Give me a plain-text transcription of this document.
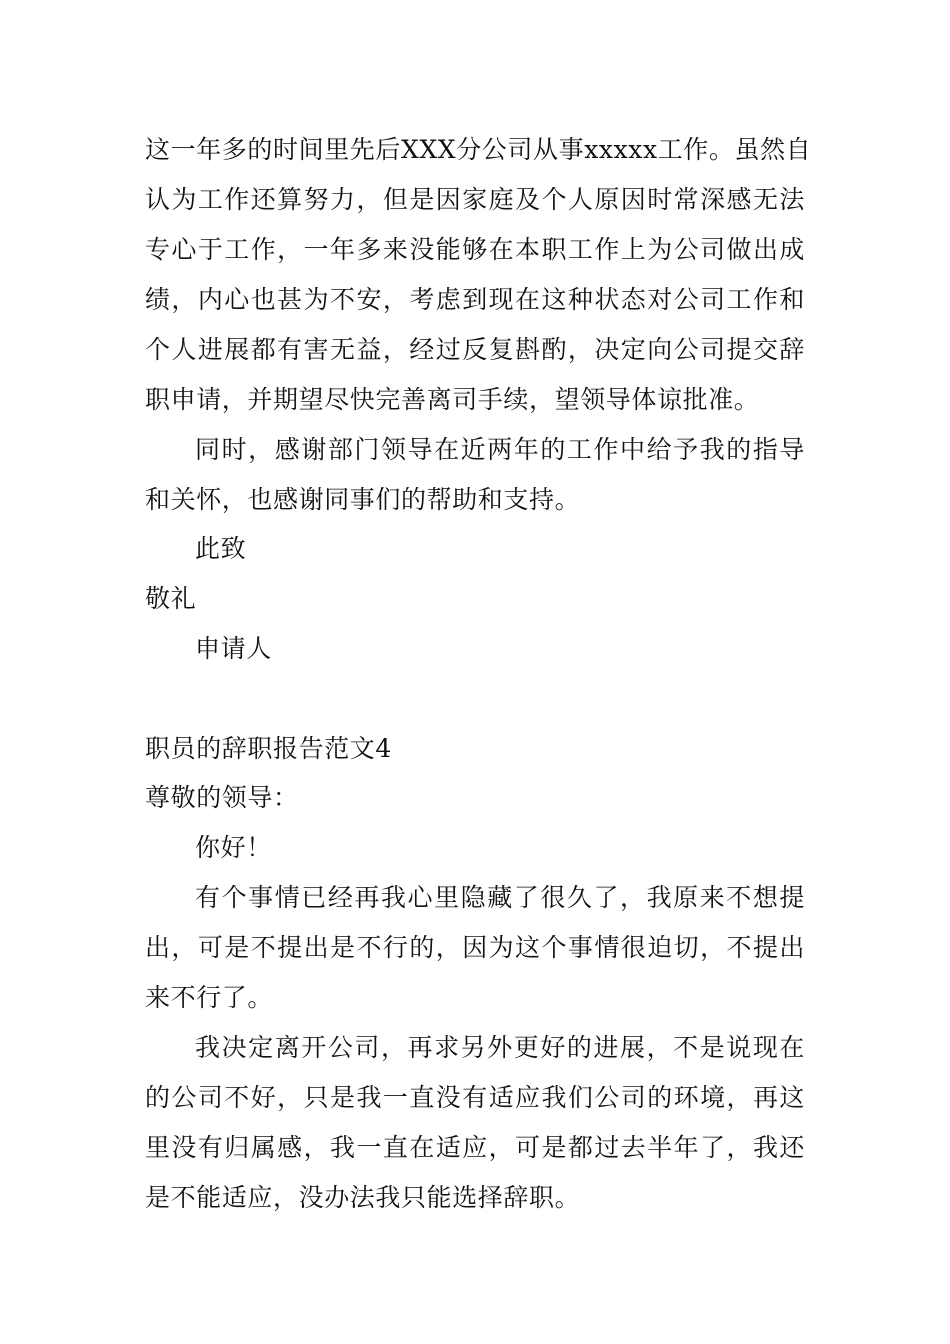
这一年多的时间里先后XXX分公司从事xxxxx工作。虽然自
认为工作还算努力，但是因家庭及个人原因时常深感无法
专心于工作，一年多来没能够在本职工作上为公司做出成
绩，内心也甚为不安，考虑到现在这种状态对公司工作和
个人进展都有害无益，经过反复斟酌，决定向公司提交辞
职申请，并期望尽快完善离司手续，望领导体谅批准。
同时，感谢部门领导在近两年的工作中给予我的指导
和关怀，也感谢同事们的帮助和支持。
此致
敬礼
申请人
职员的辞职报告范文4
尊敬的领导：
你好！
有个事情已经再我心里隐藏了很久了，我原来不想提
出，可是不提出是不行的，因为这个事情很迫切，不提出
来不行了。
我决定离开公司，再求另外更好的进展，不是说现在
的公司不好，只是我一直没有适应我们公司的环境，再这
里没有归属感，我一直在适应，可是都过去半年了，我还
是不能适应，没办法我只能选择辞职。
